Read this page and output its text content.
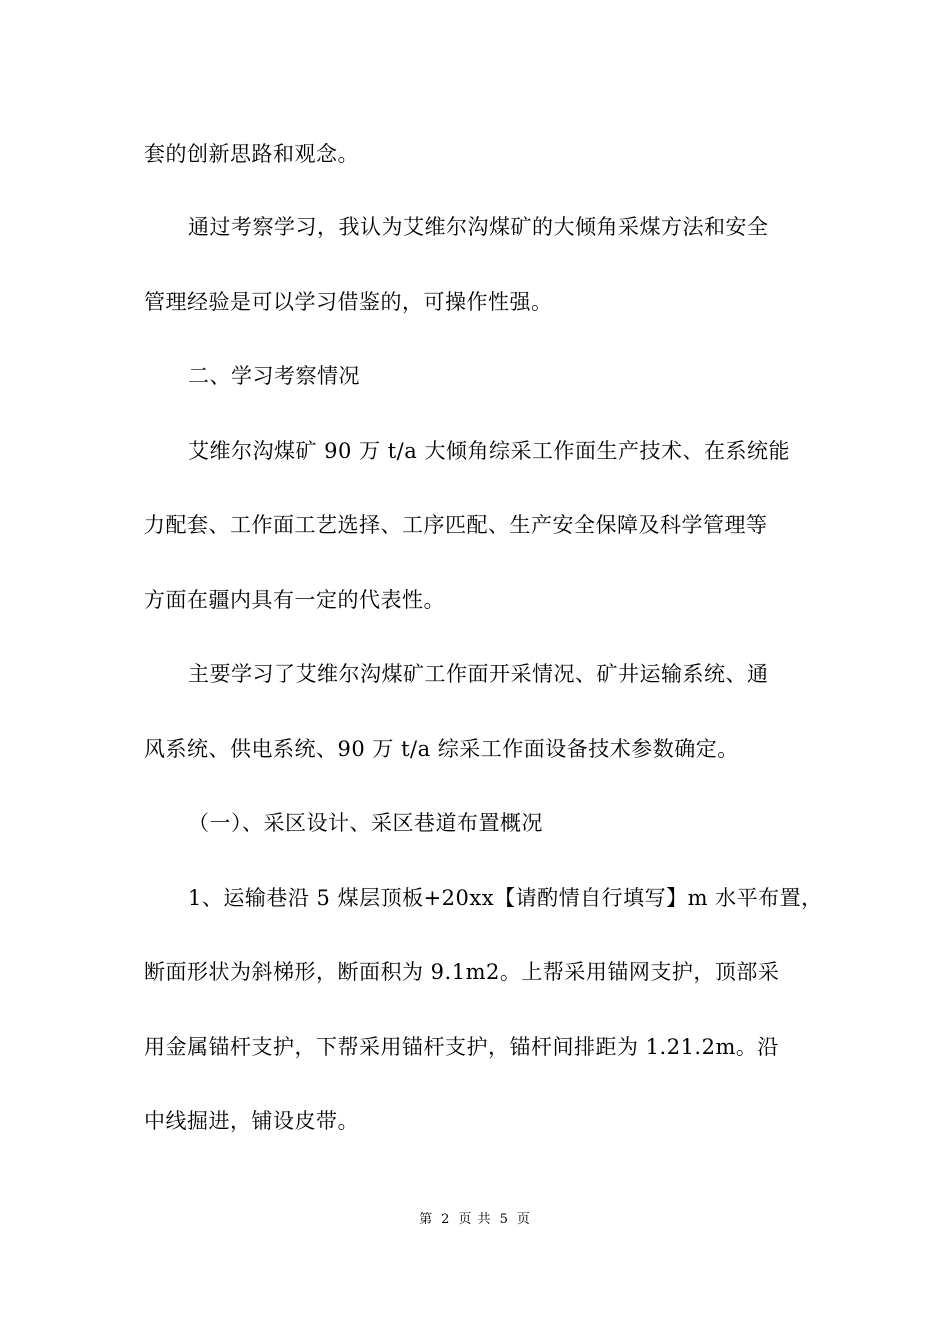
套的创新思路和观念。
通过考察学习，我认为艾维尔沟煤矿的大倾角采煤方法和安全
管理经验是可以学习借鉴的，可操作性强。
二、学习考察情况
艾维尔沟煤矿 90 万 t/a 大倾角综采工作面生产技术、在系统能
力配套、工作面工艺选择、工序匹配、生产安全保障及科学管理等
方面在疆内具有一定的代表性。
主要学习了艾维尔沟煤矿工作面开采情况、矿井运输系统、通
风系统、供电系统、90 万 t/a 综采工作面设备技术参数确定。
（一）、采区设计、采区巷道布置概况
1、运输巷沿 5 煤层顶板+20xx【请酌情自行填写】m 水平布置，
断面形状为斜梯形，断面积为 9.1m2。上帮采用锚网支护，顶部采
用金属锚杆支护，下帮采用锚杆支护，锚杆间排距为 1.21.2m。沿
中线掘进，铺设皮带。
第 2 页 共 5 页
